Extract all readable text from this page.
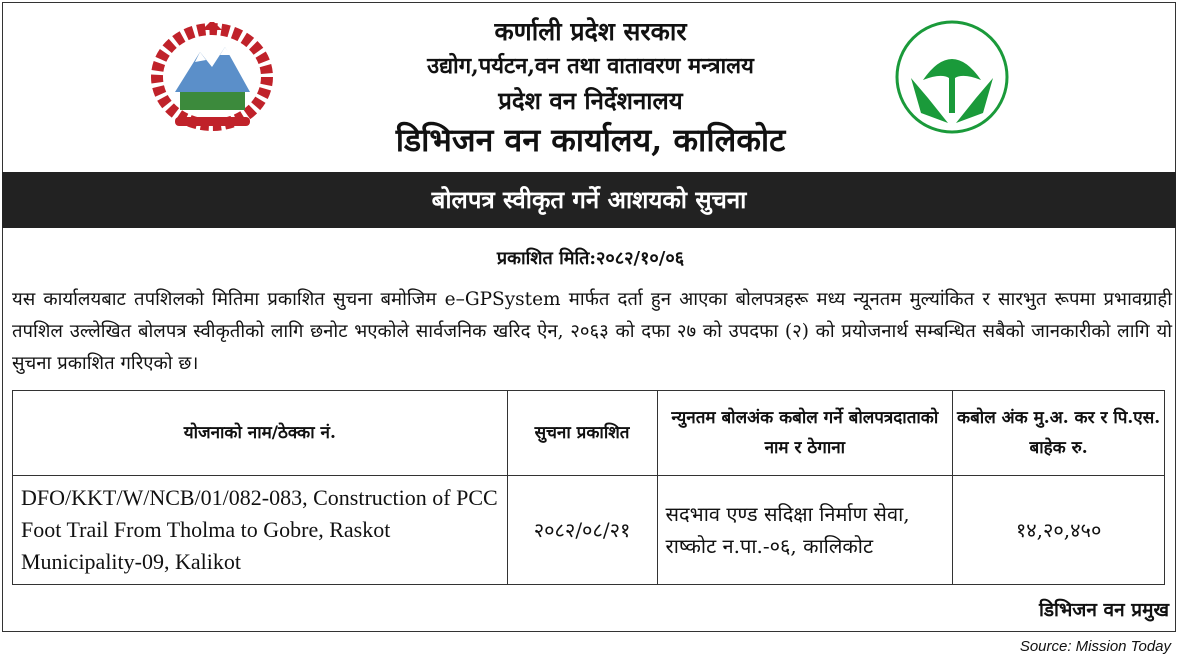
कर्णाली प्रदेश सरकार
उद्योग,पर्यटन,वन तथा वातावरण मन्त्रालय
प्रदेश वन निर्देशनालय
डिभिजन वन कार्यालय, कालिकोट
बोलपत्र स्वीकृत गर्ने आशयको सुचना
प्रकाशित मिति:२०८२/१०/०६
यस कार्यालयबाट तपशिलको मितिमा प्रकाशित सुचना बमोजिम e–GPSystem मार्फत दर्ता हुन आएका बोलपत्रहरू मध्य न्यूनतम मुल्यांकित र सारभुत रूपमा प्रभावग्राही तपशिल उल्लेखित बोलपत्र स्वीकृतीको लागि छनोट भएकोले सार्वजनिक खरिद ऐन, २०६३ को दफा २७ को उपदफा (२) को प्रयोजनार्थ सम्बन्धित सबैको जानकारीको लागि यो सुचना प्रकाशित गरिएको छ।
योजनाको नाम/ठेक्का नं.	सुचना प्रकाशित	न्युनतम बोलअंक कबोल गर्ने बोलपत्रदाताको नाम र ठेगाना	कबोल अंक मु.अ. कर र पि.एस. बाहेक रु.
DFO/KKT/W/NCB/01/082-083, Construction of PCC Foot Trail From Tholma to Gobre, Raskot Municipality-09, Kalikot	२०८२/०८/२१	सदभाव एण्ड सदिक्षा निर्माण सेवा, राष्कोट न.पा.-०६, कालिकोट	१४,२०,४५०
डिभिजन वन प्रमुख
Source: Mission Today
